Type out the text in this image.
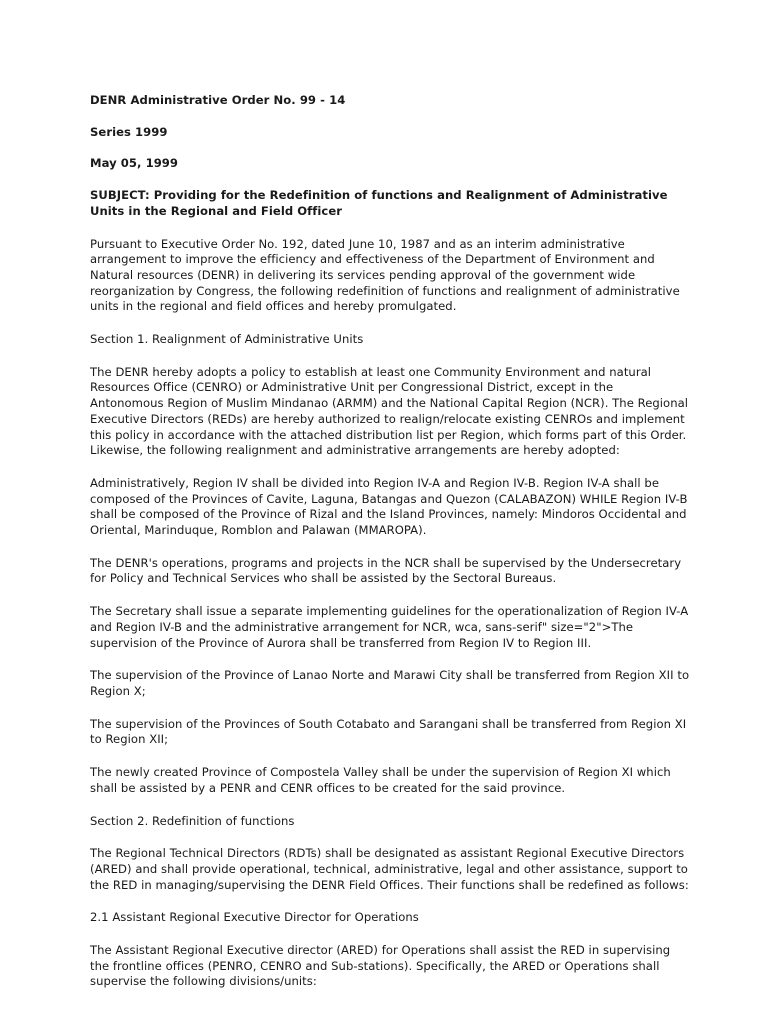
DENR Administrative Order No. 99 - 14

Series 1999

May 05, 1999

SUBJECT: Providing for the Redefinition of functions and Realignment of Administrative Units in the Regional and Field Officer

Pursuant to Executive Order No. 192, dated June 10, 1987 and as an interim administrative arrangement to improve the efficiency and effectiveness of the Department of Environment and Natural resources (DENR) in delivering its services pending approval of the government wide reorganization by Congress, the following redefinition of functions and realignment of administrative units in the regional and field offices and hereby promulgated.

Section 1. Realignment of Administrative Units

The DENR hereby adopts a policy to establish at least one Community Environment and natural Resources Office (CENRO) or Administrative Unit per Congressional District, except in the Antonomous Region of Muslim Mindanao (ARMM) and the National Capital Region (NCR). The Regional Executive Directors (REDs) are hereby authorized to realign/relocate existing CENROs and implement this policy in accordance with the attached distribution list per Region, which forms part of this Order. Likewise, the following realignment and administrative arrangements are hereby adopted:

Administratively, Region IV shall be divided into Region IV-A and Region IV-B. Region IV-A shall be composed of the Provinces of Cavite, Laguna, Batangas and Quezon (CALABAZON) WHILE Region IV-B shall be composed of the Province of Rizal and the Island Provinces, namely: Mindoros Occidental and Oriental, Marinduque, Romblon and Palawan (MMAROPA).

The DENR's operations, programs and projects in the NCR shall be supervised by the Undersecretary for Policy and Technical Services who shall be assisted by the Sectoral Bureaus.

The Secretary shall issue a separate implementing guidelines for the operationalization of Region IV-A and Region IV-B and the administrative arrangement for NCR, wca, sans-serif" size="2">The supervision of the Province of Aurora shall be transferred from Region IV to Region III.

The supervision of the Province of Lanao Norte and Marawi City shall be transferred from Region XII to Region X;

The supervision of the Provinces of South Cotabato and Sarangani shall be transferred from Region XI to Region XII;

The newly created Province of Compostela Valley shall be under the supervision of Region XI which shall be assisted by a PENR and CENR offices to be created for the said province.

Section 2. Redefinition of functions

The Regional Technical Directors (RDTs) shall be designated as assistant Regional Executive Directors (ARED) and shall provide operational, technical, administrative, legal and other assistance, support to the RED in managing/supervising the DENR Field Offices. Their functions shall be redefined as follows:

2.1 Assistant Regional Executive Director for Operations

The Assistant Regional Executive director (ARED) for Operations shall assist the RED in supervising the frontline offices (PENRO, CENRO and Sub-stations). Specifically, the ARED or Operations shall supervise the following divisions/units:
